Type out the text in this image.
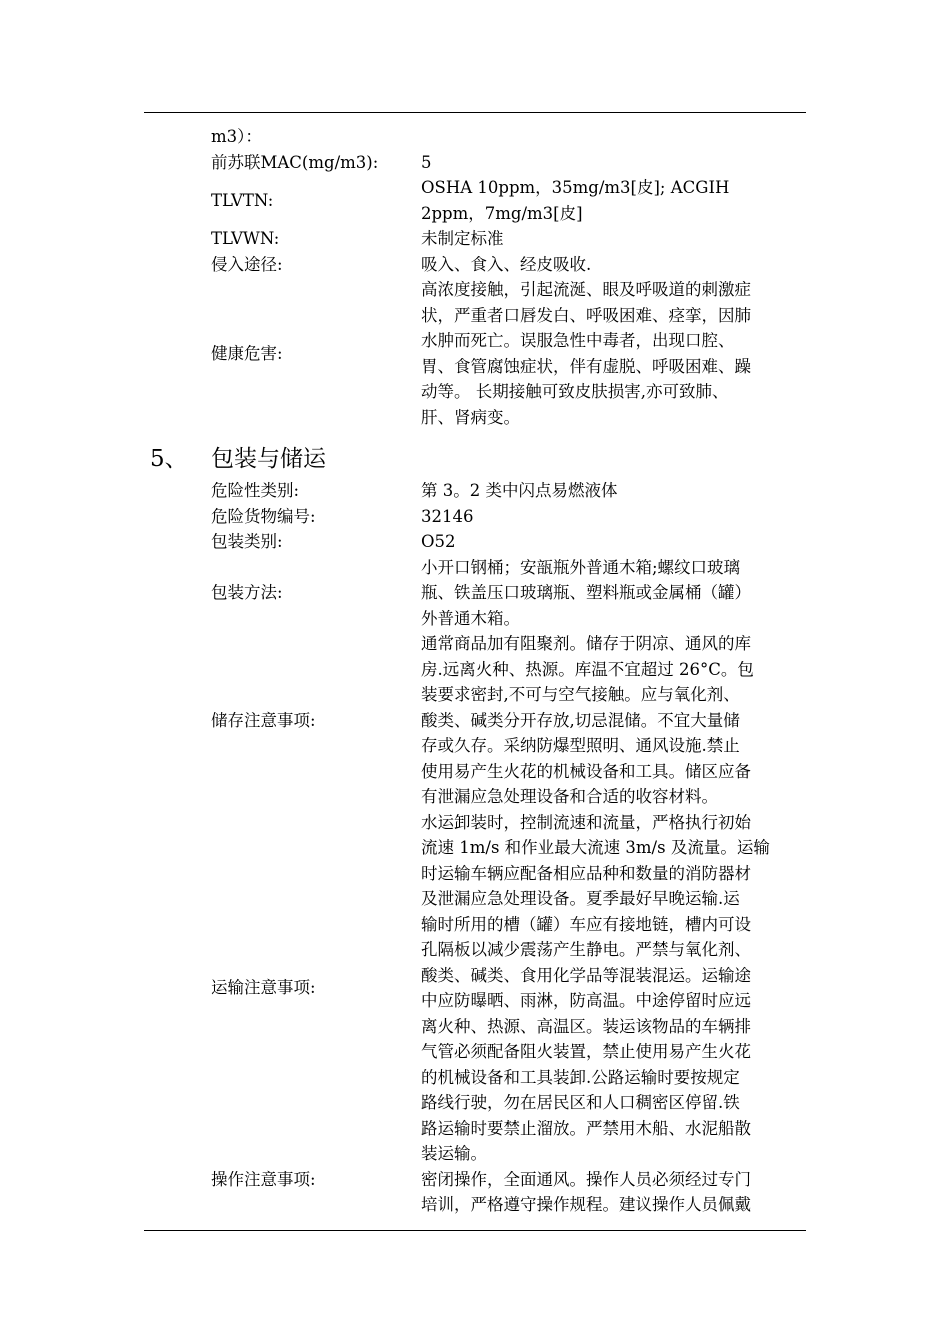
m3）：
前苏联MAC(mg/m3):	5
TLVTN:
OSHA 10ppm，35mg/m3[皮]; ACGIH
2ppm，7mg/m3[皮]
TLVWN:	未制定标准
侵入途径:	吸入、食入、经皮吸收.
健康危害:
高浓度接触，引起流涎、眼及呼吸道的刺激症
状，严重者口唇发白、呼吸困难、痉挛，因肺
水肿而死亡。误服急性中毒者，出现口腔、
胃、食管腐蚀症状，伴有虚脱、呼吸困难、躁
动等。 长期接触可致皮肤损害,亦可致肺、
肝、肾病变。
5、 包装与储运
危险性类别:	第 3。2 类中闪点易燃液体
危险货物编号:	32146
包装类别:	O52
包装方法:
小开口钢桶；安瓿瓶外普通木箱;螺纹口玻璃
瓶、铁盖压口玻璃瓶、塑料瓶或金属桶（罐）
外普通木箱。
储存注意事项:
通常商品加有阻聚剂。储存于阴凉、通风的库
房.远离火种、热源。库温不宜超过 26°C。包
装要求密封,不可与空气接触。应与氧化剂、
酸类、碱类分开存放,切忌混储。不宜大量储
存或久存。采纳防爆型照明、通风设施.禁止
使用易产生火花的机械设备和工具。储区应备
有泄漏应急处理设备和合适的收容材料。
运输注意事项:
水运卸装时，控制流速和流量，严格执行初始
流速 1m/s 和作业最大流速 3m/s 及流量。运输
时运输车辆应配备相应品种和数量的消防器材
及泄漏应急处理设备。夏季最好早晚运输.运
输时所用的槽（罐）车应有接地链，槽内可设
孔隔板以减少震荡产生静电。严禁与氧化剂、
酸类、碱类、食用化学品等混装混运。运输途
中应防曝晒、雨淋，防高温。中途停留时应远
离火种、热源、高温区。装运该物品的车辆排
气管必须配备阻火装置，禁止使用易产生火花
的机械设备和工具装卸.公路运输时要按规定
路线行驶，勿在居民区和人口稠密区停留.铁
路运输时要禁止溜放。严禁用木船、水泥船散
装运输。
操作注意事项:	密闭操作，全面通风。操作人员必须经过专门
培训，严格遵守操作规程。建议操作人员佩戴
